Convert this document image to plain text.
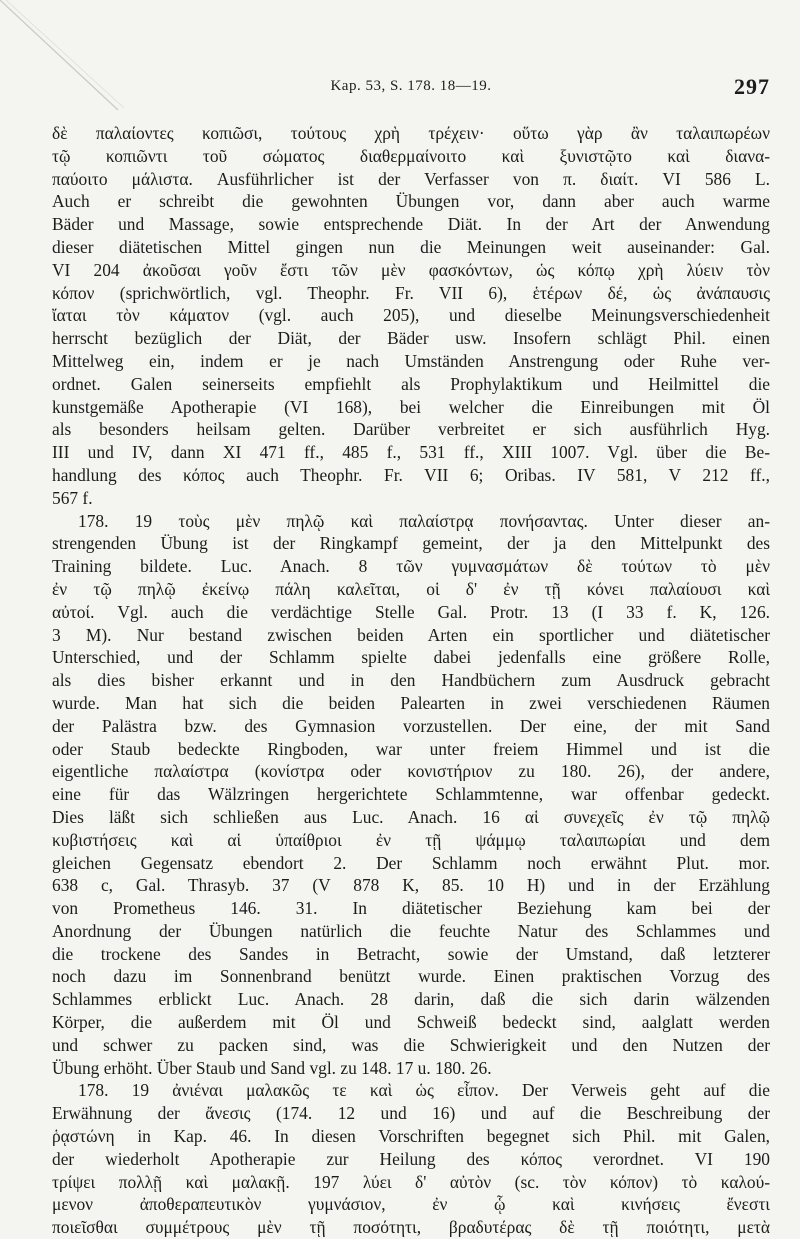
Kap. 53, S. 178. 18—19.	297
δὲ παλαίοντες κοπιῶσι, τούτους χρὴ τρέχειν· οὕτω γὰρ ἂν ταλαιπωρέων
τῷ κοπιῶντι τοῦ σώματος διαθερμαίνοιτο καὶ ξυνιστῷτο καὶ διανα-
παύοιτο μάλιστα. Ausführlicher ist der Verfasser von π. διαίτ. VI 586 L.
Auch er schreibt die gewohnten Übungen vor, dann aber auch warme
Bäder und Massage, sowie entsprechende Diät. In der Art der Anwendung
dieser diätetischen Mittel gingen nun die Meinungen weit auseinander: Gal.
VI 204 ἀκοῦσαι γοῦν ἔστι τῶν μὲν φασκόντων, ὡς κόπῳ χρὴ λύειν τὸν
κόπον (sprichwörtlich, vgl. Theophr. Fr. VII 6), ἑτέρων δέ, ὡς ἀνάπαυσις
ἴαται τὸν κάματον (vgl. auch 205), und dieselbe Meinungsverschiedenheit
herrscht bezüglich der Diät, der Bäder usw. Insofern schlägt Phil. einen
Mittelweg ein, indem er je nach Umständen Anstrengung oder Ruhe ver-
ordnet. Galen seinerseits empfiehlt als Prophylaktikum und Heilmittel die
kunstgemäße Apotherapie (VI 168), bei welcher die Einreibungen mit Öl
als besonders heilsam gelten. Darüber verbreitet er sich ausführlich Hyg.
III und IV, dann XI 471 ff., 485 f., 531 ff., XIII 1007. Vgl. über die Be-
handlung des κόπος auch Theophr. Fr. VII 6; Oribas. IV 581, V 212 ff.,
567 f.
178. 19 τοὺς μὲν πηλῷ καὶ παλαίστρᾳ πονήσαντας. Unter dieser an-
strengenden Übung ist der Ringkampf gemeint, der ja den Mittelpunkt des
Training bildete. Luc. Anach. 8 τῶν γυμνασμάτων δὲ τούτων τὸ μὲν
ἐν τῷ πηλῷ ἐκείνῳ πάλη καλεῖται, οἱ δ' ἐν τῇ κόνει παλαίουσι καὶ
αὐτοί. Vgl. auch die verdächtige Stelle Gal. Protr. 13 (I 33 f. K, 126.
3 M). Nur bestand zwischen beiden Arten ein sportlicher und diätetischer
Unterschied, und der Schlamm spielte dabei jedenfalls eine größere Rolle,
als dies bisher erkannt und in den Handbüchern zum Ausdruck gebracht
wurde. Man hat sich die beiden Palearten in zwei verschiedenen Räumen
der Palästra bzw. des Gymnasion vorzustellen. Der eine, der mit Sand
oder Staub bedeckte Ringboden, war unter freiem Himmel und ist die
eigentliche παλαίστρα (κονίστρα oder κονιστήριον zu 180. 26), der andere,
eine für das Wälzringen hergerichtete Schlammtenne, war offenbar gedeckt.
Dies läßt sich schließen aus Luc. Anach. 16 αἱ συνεχεῖς ἐν τῷ πηλῷ
κυβιστήσεις καὶ αἱ ὑπαίθριοι ἐν τῇ ψάμμῳ ταλαιπωρίαι und dem
gleichen Gegensatz ebendort 2. Der Schlamm noch erwähnt Plut. mor.
638 c, Gal. Thrasyb. 37 (V 878 K, 85. 10 H) und in der Erzählung
von Prometheus 146. 31. In diätetischer Beziehung kam bei der
Anordnung der Übungen natürlich die feuchte Natur des Schlammes und
die trockene des Sandes in Betracht, sowie der Umstand, daß letzterer
noch dazu im Sonnenbrand benützt wurde. Einen praktischen Vorzug des
Schlammes erblickt Luc. Anach. 28 darin, daß die sich darin wälzenden
Körper, die außerdem mit Öl und Schweiß bedeckt sind, aalglatt werden
und schwer zu packen sind, was die Schwierigkeit und den Nutzen der
Übung erhöht. Über Staub und Sand vgl. zu 148. 17 u. 180. 26.
178. 19 ἀνιέναι μαλακῶς τε καὶ ὡς εἶπον. Der Verweis geht auf die
Erwähnung der ἄνεσις (174. 12 und 16) und auf die Beschreibung der
ῥᾳστώνη in Kap. 46. In diesen Vorschriften begegnet sich Phil. mit Galen,
der wiederholt Apotherapie zur Heilung des κόπος verordnet. VI 190
τρίψει πολλῇ καὶ μαλακῇ. 197 λύει δ' αὐτὸν (sc. τὸν κόπον) τὸ καλού-
μενον ἀποθεραπευτικὸν γυμνάσιον, ἐν ᾧ καὶ κινήσεις ἔνεστι
ποιεῖσθαι συμμέτρους μὲν τῇ ποσότητι, βραδυτέρας δὲ τῇ ποιότητι, μετὰ
